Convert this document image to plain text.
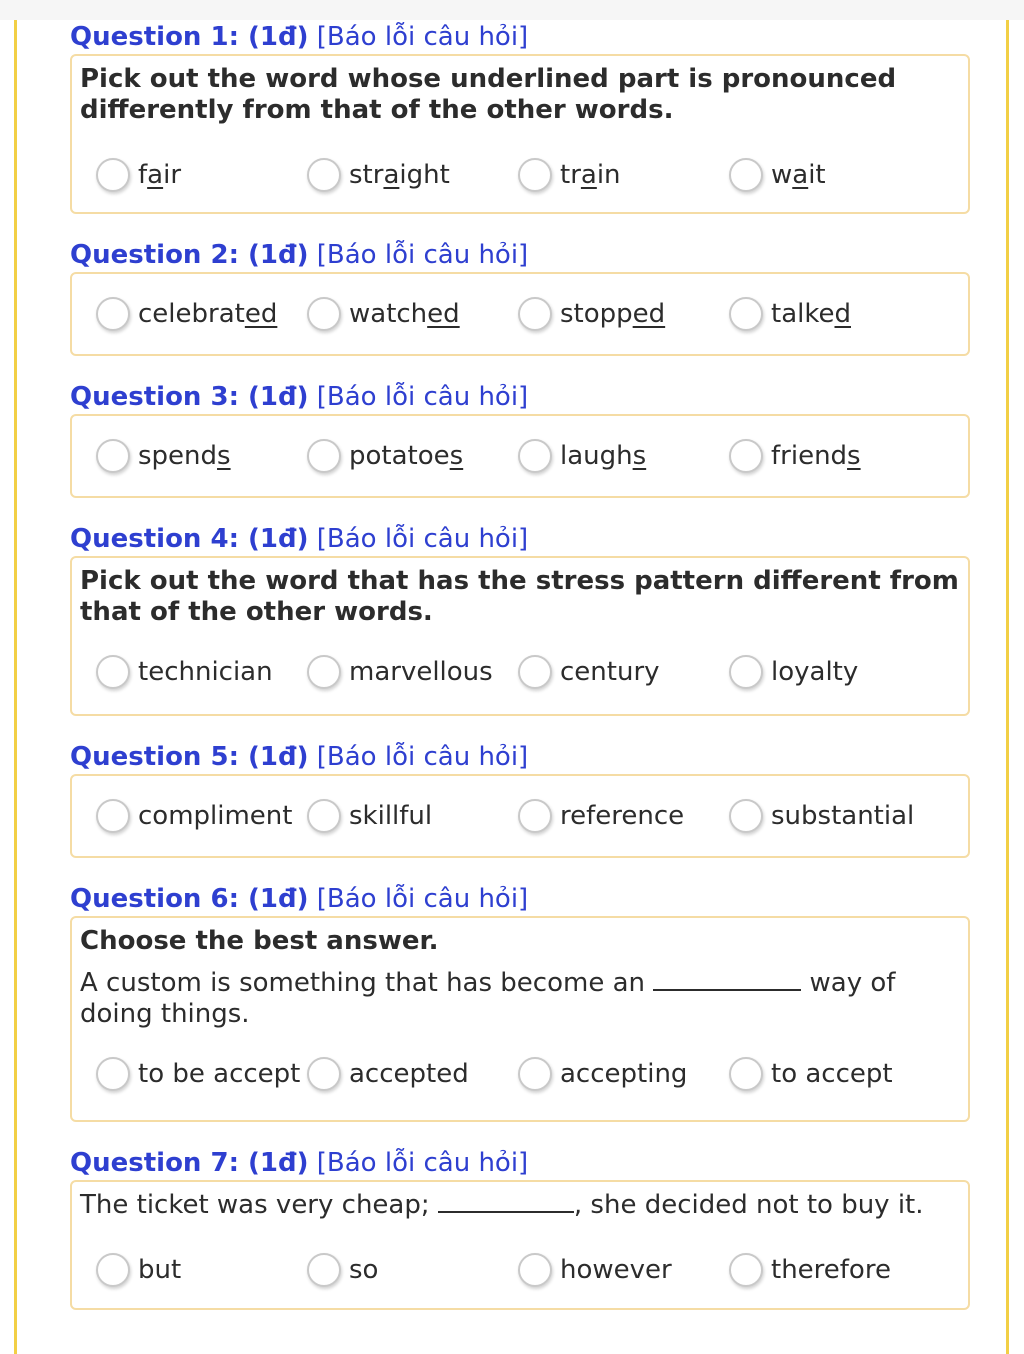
Question 1: (1đ) [Báo lỗi câu hỏi]

Pick out the word whose underlined part is pronounced differently from that of the other words.

fair	straight	train	wait
Question 2: (1đ) [Báo lỗi câu hỏi]
celebrated	watched	stopped	talked
Question 3: (1đ) [Báo lỗi câu hỏi]
spends	potatoes	laughs	friends
Question 4: (1đ) [Báo lỗi câu hỏi]

Pick out the word that has the stress pattern different from that of the other words.

technician	marvellous	century	loyalty
Question 5: (1đ) [Báo lỗi câu hỏi]
compliment skillful	reference	substantial
Question 6: (1đ) [Báo lỗi câu hỏi]

Choose the best answer.

A custom is something that has become an	way of doing things.

to be accept accepted	accepting	to accept
Question 7: (1đ) [Báo lỗi câu hỏi]

The ticket was very cheap;	, she decided not to buy it.

but	so	however	therefore
